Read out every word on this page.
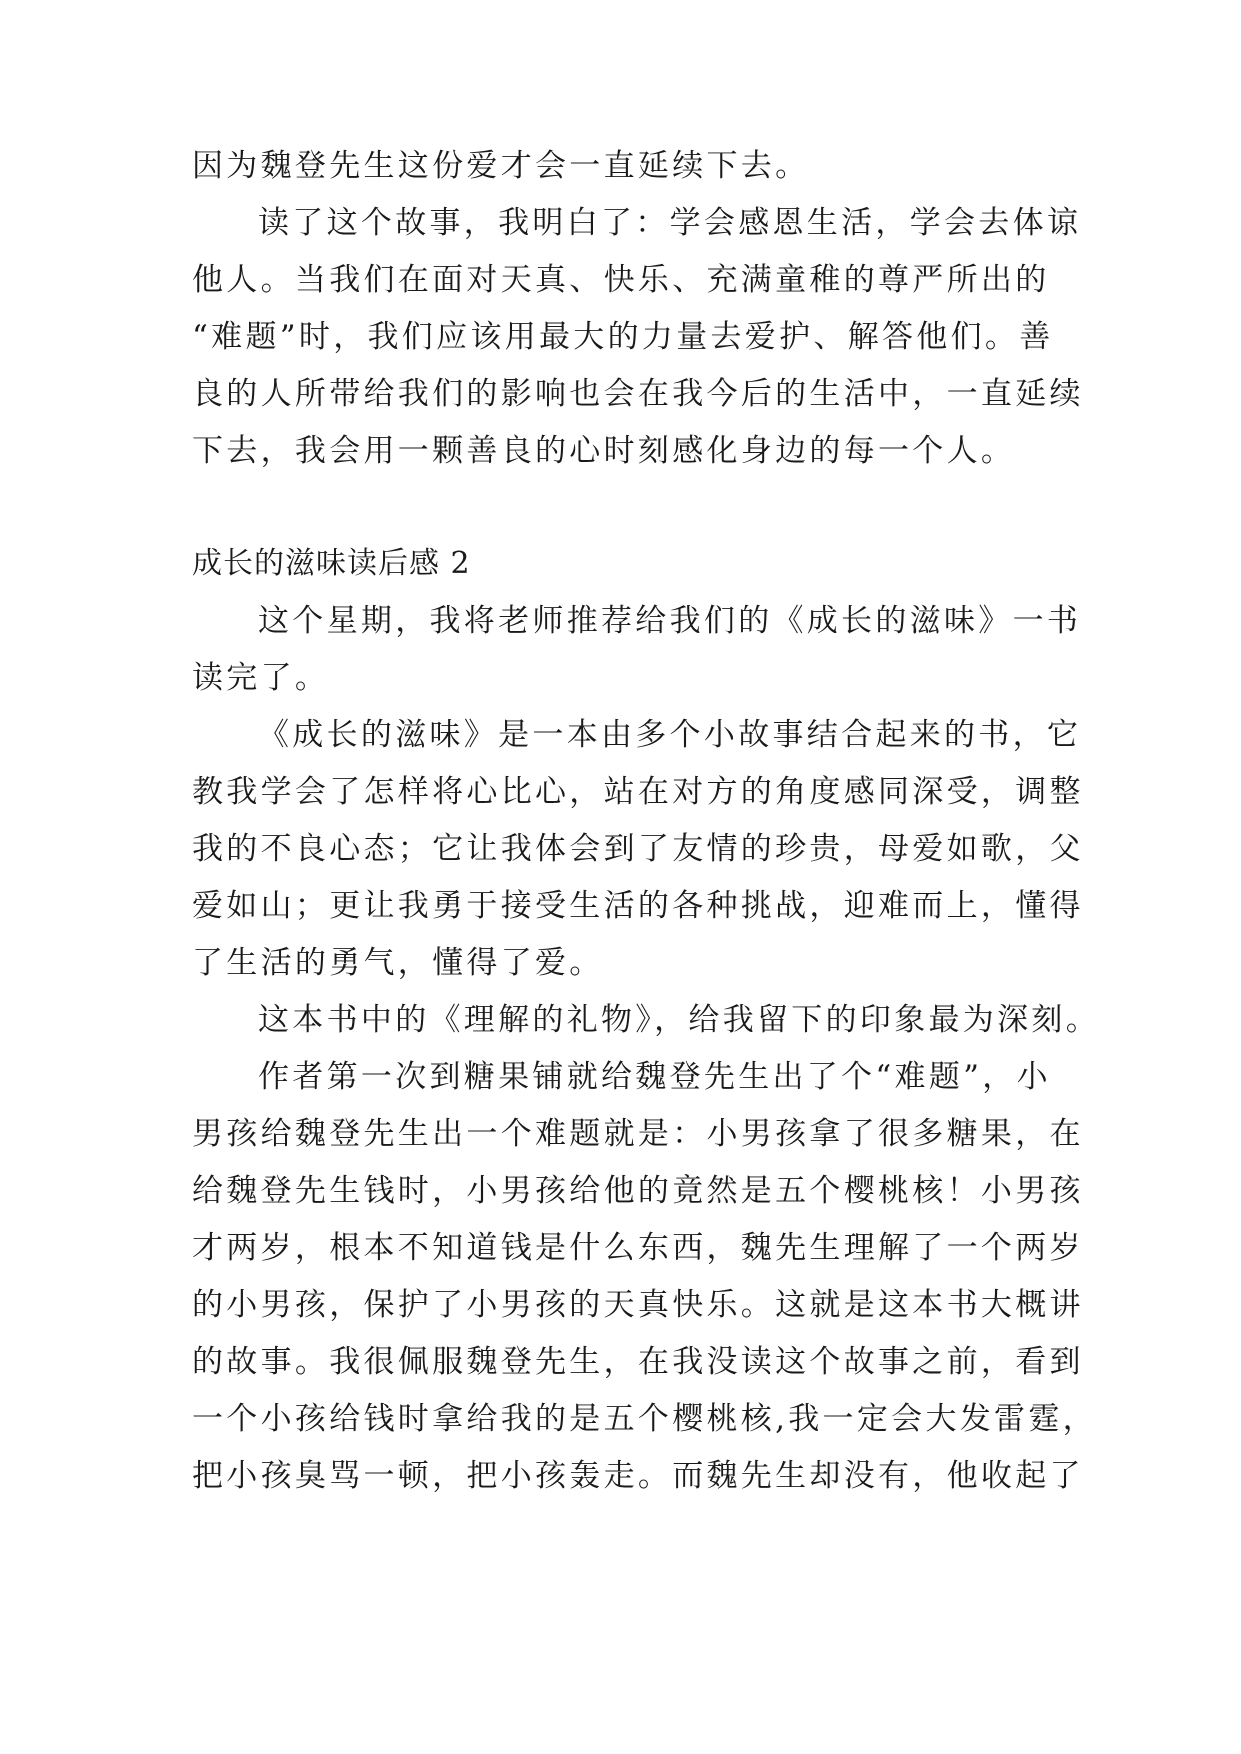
因为魏登先生这份爱才会一直延续下去。
读了这个故事，我明白了：学会感恩生活，学会去体谅
他人。当我们在面对天真、快乐、充满童稚的尊严所出的
“难题”时，我们应该用最大的力量去爱护、解答他们。善
良的人所带给我们的影响也会在我今后的生活中，一直延续
下去，我会用一颗善良的心时刻感化身边的每一个人。
成长的滋味读后感 2
这个星期，我将老师推荐给我们的《成长的滋味》一书
读完了。
《成长的滋味》是一本由多个小故事结合起来的书，它
教我学会了怎样将心比心，站在对方的角度感同深受，调整
我的不良心态；它让我体会到了友情的珍贵，母爱如歌，父
爱如山；更让我勇于接受生活的各种挑战，迎难而上，懂得
了生活的勇气，懂得了爱。
这本书中的《理解的礼物》，给我留下的印象最为深刻。
作者第一次到糖果铺就给魏登先生出了个“难题”，小
男孩给魏登先生出一个难题就是：小男孩拿了很多糖果，在
给魏登先生钱时，小男孩给他的竟然是五个樱桃核！小男孩
才两岁，根本不知道钱是什么东西，魏先生理解了一个两岁
的小男孩，保护了小男孩的天真快乐。这就是这本书大概讲
的故事。我很佩服魏登先生，在我没读这个故事之前，看到
一个小孩给钱时拿给我的是五个樱桃核,我一定会大发雷霆，
把小孩臭骂一顿，把小孩轰走。而魏先生却没有，他收起了
